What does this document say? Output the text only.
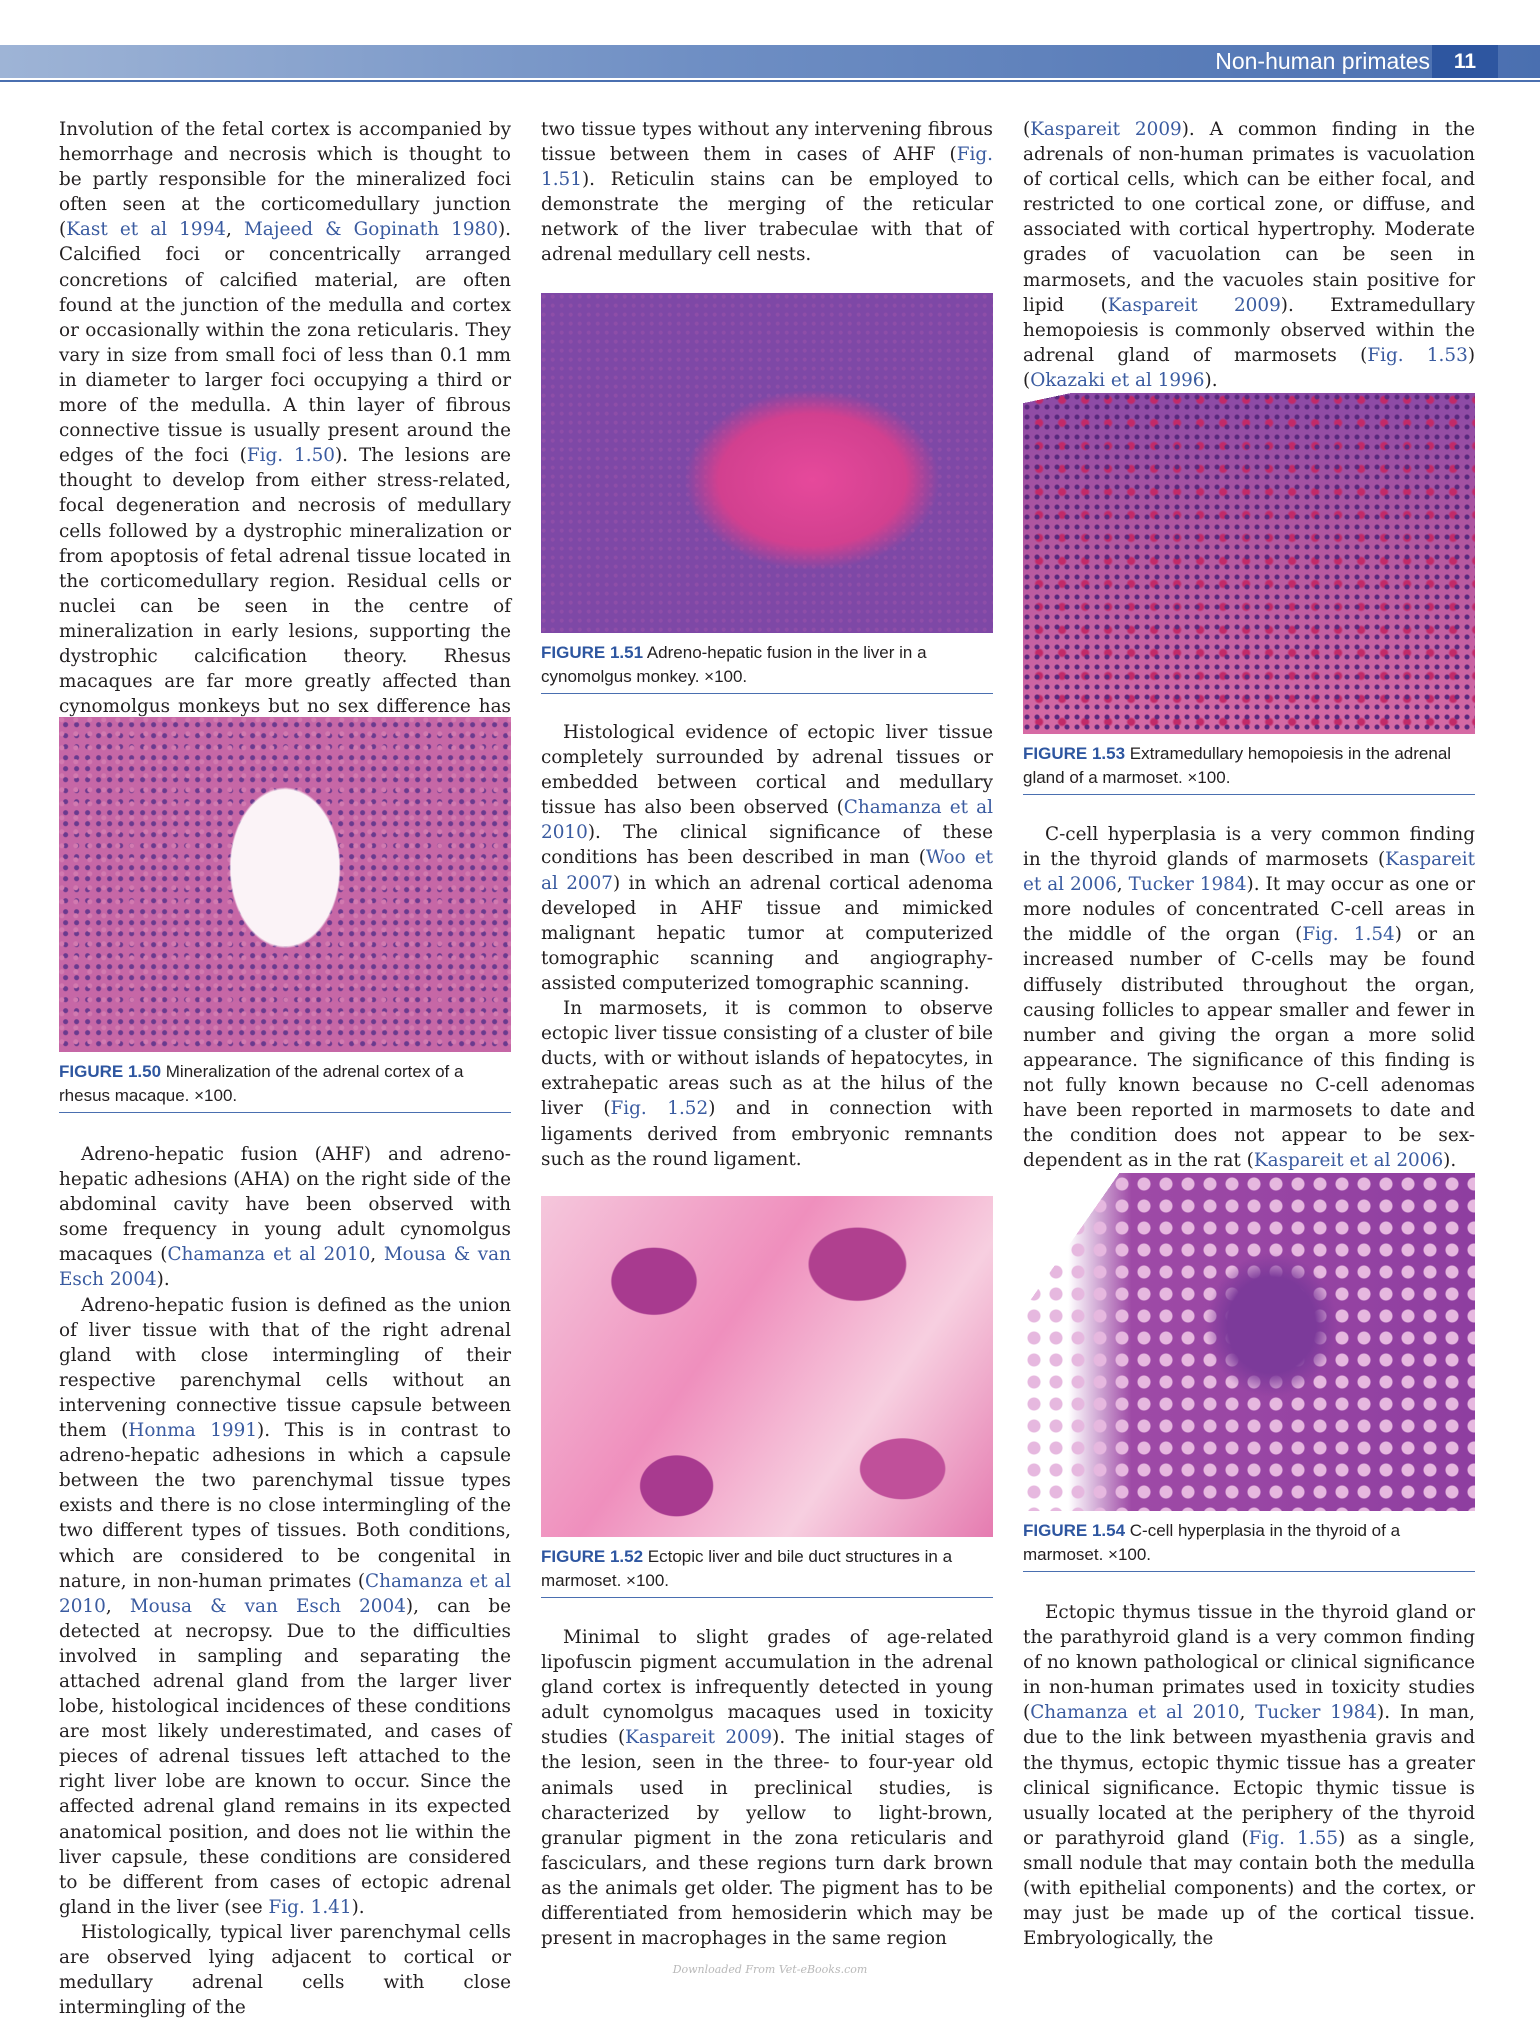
Non-human primates	11

Involution of the fetal cortex is accompanied by hemorrhage and necrosis which is thought to be partly responsible for the mineralized foci often seen at the corticomedullary junction (Kast et al 1994, Majeed & Gopinath 1980). Calcified foci or concentrically arranged concretions of calcified material, are often found at the junction of the medulla and cortex or occasionally within the zona reticularis. They vary in size from small foci of less than 0.1 mm in diameter to larger foci occupying a third or more of the medulla. A thin layer of fibrous connective tissue is usually present around the edges of the foci (Fig. 1.50). The lesions are thought to develop from either stress-related, focal degeneration and necrosis of medullary cells followed by a dystrophic mineralization or from apoptosis of fetal adrenal tissue located in the corticomedullary region. Residual cells or nuclei can be seen in the centre of mineralization in early lesions, supporting the dystrophic calcification theory. Rhesus macaques are far more greatly affected than cynomolgus monkeys but no sex difference has

FIGURE 1.50 Mineralization of the adrenal cortex of a rhesus macaque. ×100.

Adreno-hepatic fusion (AHF) and adreno-hepatic adhesions (AHA) on the right side of the abdominal cavity have been observed with some frequency in young adult cynomolgus macaques (Chamanza et al 2010, Mousa & van Esch 2004).

Adreno-hepatic fusion is defined as the union of liver tissue with that of the right adrenal gland with close intermingling of their respective parenchymal cells without an intervening connective tissue capsule between them (Honma 1991). This is in contrast to adreno-hepatic adhesions in which a capsule between the two parenchymal tissue types exists and there is no close intermingling of the two different types of tissues. Both conditions, which are considered to be congenital in nature, in non-human primates (Chamanza et al 2010, Mousa & van Esch 2004), can be detected at necropsy. Due to the difficulties involved in sampling and separating the attached adrenal gland from the larger liver lobe, histological incidences of these conditions are most likely underestimated, and cases of pieces of adrenal tissues left attached to the right liver lobe are known to occur. Since the affected adrenal gland remains in its expected anatomical position, and does not lie within the liver capsule, these conditions are considered to be different from cases of ectopic adrenal gland in the liver (see Fig. 1.41).

Histologically, typical liver parenchymal cells are observed lying adjacent to cortical or medullary adrenal cells with close intermingling of the

two tissue types without any intervening fibrous tissue between them in cases of AHF (Fig. 1.51). Reticulin stains can be employed to demonstrate the merging of the reticular network of the liver trabeculae with that of adrenal medullary cell nests.

FIGURE 1.51 Adreno-hepatic fusion in the liver in a cynomolgus monkey. ×100.

Histological evidence of ectopic liver tissue completely surrounded by adrenal tissues or embedded between cortical and medullary tissue has also been observed (Chamanza et al 2010). The clinical significance of these conditions has been described in man (Woo et al 2007) in which an adrenal cortical adenoma developed in AHF tissue and mimicked malignant hepatic tumor at computerized tomographic scanning and angiography-assisted computerized tomographic scanning.

In marmosets, it is common to observe ectopic liver tissue consisting of a cluster of bile ducts, with or without islands of hepatocytes, in extrahepatic areas such as at the hilus of the liver (Fig. 1.52) and in connection with ligaments derived from embryonic remnants such as the round ligament.

FIGURE 1.52 Ectopic liver and bile duct structures in a marmoset. ×100.

Minimal to slight grades of age-related lipofuscin pigment accumulation in the adrenal gland cortex is infrequently detected in young adult cynomolgus macaques used in toxicity studies (Kaspareit 2009). The initial stages of the lesion, seen in the three- to four-year old animals used in preclinical studies, is characterized by yellow to light-brown, granular pigment in the zona reticularis and fasciculars, and these regions turn dark brown as the animals get older. The pigment has to be differentiated from hemosiderin which may be present in macrophages in the same region

(Kaspareit 2009). A common finding in the adrenals of non-human primates is vacuolation of cortical cells, which can be either focal, and restricted to one cortical zone, or diffuse, and associated with cortical hypertrophy. Moderate grades of vacuolation can be seen in marmosets, and the vacuoles stain positive for lipid (Kaspareit 2009). Extramedullary hemopoiesis is commonly observed within the adrenal gland of marmosets (Fig. 1.53) (Okazaki et al 1996).

FIGURE 1.53 Extramedullary hemopoiesis in the adrenal gland of a marmoset. ×100.

C-cell hyperplasia is a very common finding in the thyroid glands of marmosets (Kaspareit et al 2006, Tucker 1984). It may occur as one or more nodules of concentrated C-cell areas in the middle of the organ (Fig. 1.54) or an increased number of C-cells may be found diffusely distributed throughout the organ, causing follicles to appear smaller and fewer in number and giving the organ a more solid appearance. The significance of this finding is not fully known because no C-cell adenomas have been reported in marmosets to date and the condition does not appear to be sex-dependent as in the rat (Kaspareit et al 2006).

FIGURE 1.54 C-cell hyperplasia in the thyroid of a marmoset. ×100.

Ectopic thymus tissue in the thyroid gland or the parathyroid gland is a very common finding of no known pathological or clinical significance in non-human primates used in toxicity studies (Chamanza et al 2010, Tucker 1984). In man, due to the link between myasthenia gravis and the thymus, ectopic thymic tissue has a greater clinical significance. Ectopic thymic tissue is usually located at the periphery of the thyroid or parathyroid gland (Fig. 1.55) as a single, small nodule that may contain both the medulla (with epithelial components) and the cortex, or may just be made up of the cortical tissue. Embryologically, the

Downloaded From Vet-eBooks.com
